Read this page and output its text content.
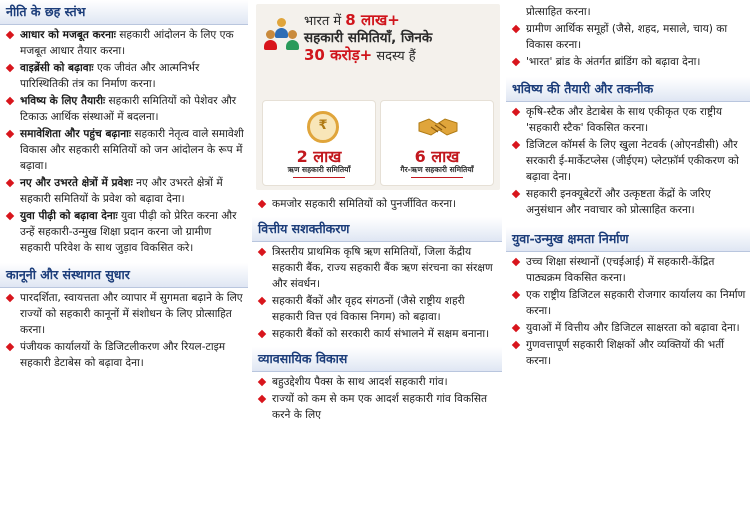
नीति के छह स्तंभ
आधार को मजबूत करनाः सहकारी आंदोलन के लिए एक मजबूत आधार तैयार करना।
वाइब्रेंसी को बढ़ावाः एक जीवंत और आत्मनिर्भर पारिस्थितिकी तंत्र का निर्माण करना।
भविष्य के लिए तैयारीः सहकारी समितियों को पेशेवर और टिकाऊ आर्थिक संस्थाओं में बदलना।
समावेशिता और पहुंच बढ़ानाः सहकारी नेतृत्व वाले समावेशी विकास और सहकारी समितियों को जन आंदोलन के रूप में बढ़ावा।
नए और उभरते क्षेत्रों में प्रवेशः नए और उभरते क्षेत्रों में सहकारी समितियों के प्रवेश को बढ़ावा देना।
युवा पीढ़ी को बढ़ावा देनाः युवा पीढ़ी को प्रेरित करना और उन्हें सहकारी-उन्मुख शिक्षा प्रदान करना जो ग्रामीण सहकारी परिवेश के साथ जुड़ाव विकसित करे।
कानूनी और संस्थागत सुधार
पारदर्शिता, स्वायत्तता और व्यापार में सुगमता बढ़ाने के लिए राज्यों को सहकारी कानूनों में संशोधन के लिए प्रोत्साहित करना।
पंजीयक कार्यालयों के डिजिटलीकरण और रियल-टाइम सहकारी डेटाबेस को बढ़ावा देना।
भारत में 8 लाख+
सहकारी समितियाँ, जिनके
30 करोड़+ सदस्य हैं
₹
2 लाख
ऋण सहकारी समितियाँ
6 लाख
गैर-ऋण सहकारी समितियाँ
कमजोर सहकारी समितियों को पुनर्जीवित करना।
वित्तीय सशक्तीकरण
त्रिस्तरीय प्राथमिक कृषि ऋण समितियों, जिला केंद्रीय सहकारी बैंक, राज्य सहकारी बैंक ऋण संरचना का संरक्षण और संवर्धन।
सहकारी बैंकों और वृहद संगठनों (जैसे राष्ट्रीय शहरी सहकारी वित्त एवं विकास निगम) को बढ़ावा।
सहकारी बैंकों को सरकारी कार्य संभालने में सक्षम बनाना।
व्यावसायिक विकास
बहुउद्देशीय पैक्स के साथ आदर्श सहकारी गांव।
राज्यों को कम से कम एक आदर्श सहकारी गांव विकसित करने के लिए
प्रोत्साहित करना।
ग्रामीण आर्थिक समूहों (जैसे, शहद, मसाले, चाय) का विकास करना।
'भारत' ब्रांड के अंतर्गत ब्रांडिंग को बढ़ावा देना।
भविष्य की तैयारी और तकनीक
कृषि-स्टैक और डेटाबेस के साथ एकीकृत एक राष्ट्रीय 'सहकारी स्टैक' विकसित करना।
डिजिटल कॉमर्स के लिए खुला नेटवर्क (ओएनडीसी) और सरकारी ई-मार्केटप्लेस (जीईएम) प्लेटफ़ॉर्म एकीकरण को बढ़ावा देना।
सहकारी इनक्यूबेटरों और उत्कृष्टता केंद्रों के जरिए अनुसंधान और नवाचार को प्रोत्साहित करना।
युवा-उन्मुख क्षमता निर्माण
उच्च शिक्षा संस्थानों (एचईआई) में सहकारी-केंद्रित पाठ्यक्रम विकसित करना।
एक राष्ट्रीय डिजिटल सहकारी रोजगार कार्यालय का निर्माण करना।
युवाओं में वित्तीय और डिजिटल साक्षरता को बढ़ावा देना।
गुणवत्तापूर्ण सहकारी शिक्षकों और व्यक्तियों की भर्ती करना।
